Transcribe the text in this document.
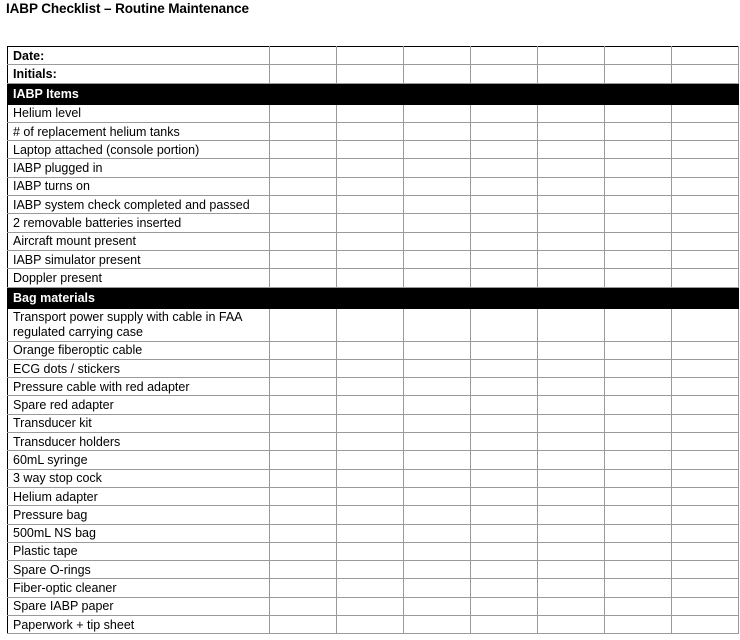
IABP Checklist – Routine Maintenance
Date:							
Initials:							
IABP Items							
Helium level							
# of replacement helium tanks							
Laptop attached (console portion)							
IABP plugged in							
IABP turns on							
IABP system check completed and passed							
2 removable batteries inserted							
Aircraft mount present							
IABP simulator present							
Doppler present							
Bag materials							
Transport power supply with cable in FAA regulated carrying case							
Orange fiberoptic cable							
ECG dots / stickers							
Pressure cable with red adapter							
Spare red adapter							
Transducer kit							
Transducer holders							
60mL syringe							
3 way stop cock							
Helium adapter							
Pressure bag							
500mL NS bag							
Plastic tape							
Spare O-rings							
Fiber-optic cleaner							
Spare IABP paper							
Paperwork + tip sheet							
